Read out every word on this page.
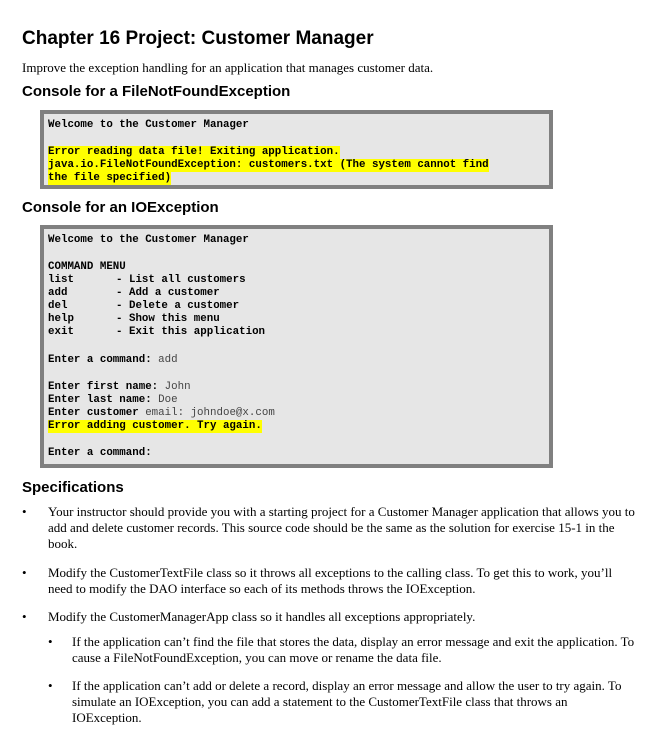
Chapter 16 Project: Customer Manager

Improve the exception handling for an application that manages customer data.

Console for a FileNotFoundException
Welcome to the Customer Manager
Error reading data file! Exiting application.
java.io.FileNotFoundException: customers.txt (The system cannot find
the file specified)
Console for an IOException
Welcome to the Customer Manager
COMMAND MENU
list	- List all customers
add	- Add a customer
del	- Delete a customer
help	- Show this menu
exit	- Exit this application
Enter a command: add
Enter first name: John
Enter last name: Doe
Enter customer email: johndoe@x.com
Error adding customer. Try again.
Enter a command:
Specifications
• Your instructor should provide you with a starting project for a Customer Manager application that allows you to add and delete customer records. This source code should be the same as the solution for exercise 15-1 in the book.
• Modify the CustomerTextFile class so it throws all exceptions to the calling class. To get this to work, you’ll need to modify the DAO interface so each of its methods throws the IOException.
• Modify the CustomerManagerApp class so it handles all exceptions appropriately.
• If the application can’t find the file that stores the data, display an error message and exit the application. To cause a FileNotFoundException, you can move or rename the data file.
• If the application can’t add or delete a record, display an error message and allow the user to try again. To simulate an IOException, you can add a statement to the CustomerTextFile class that throws an IOException.
